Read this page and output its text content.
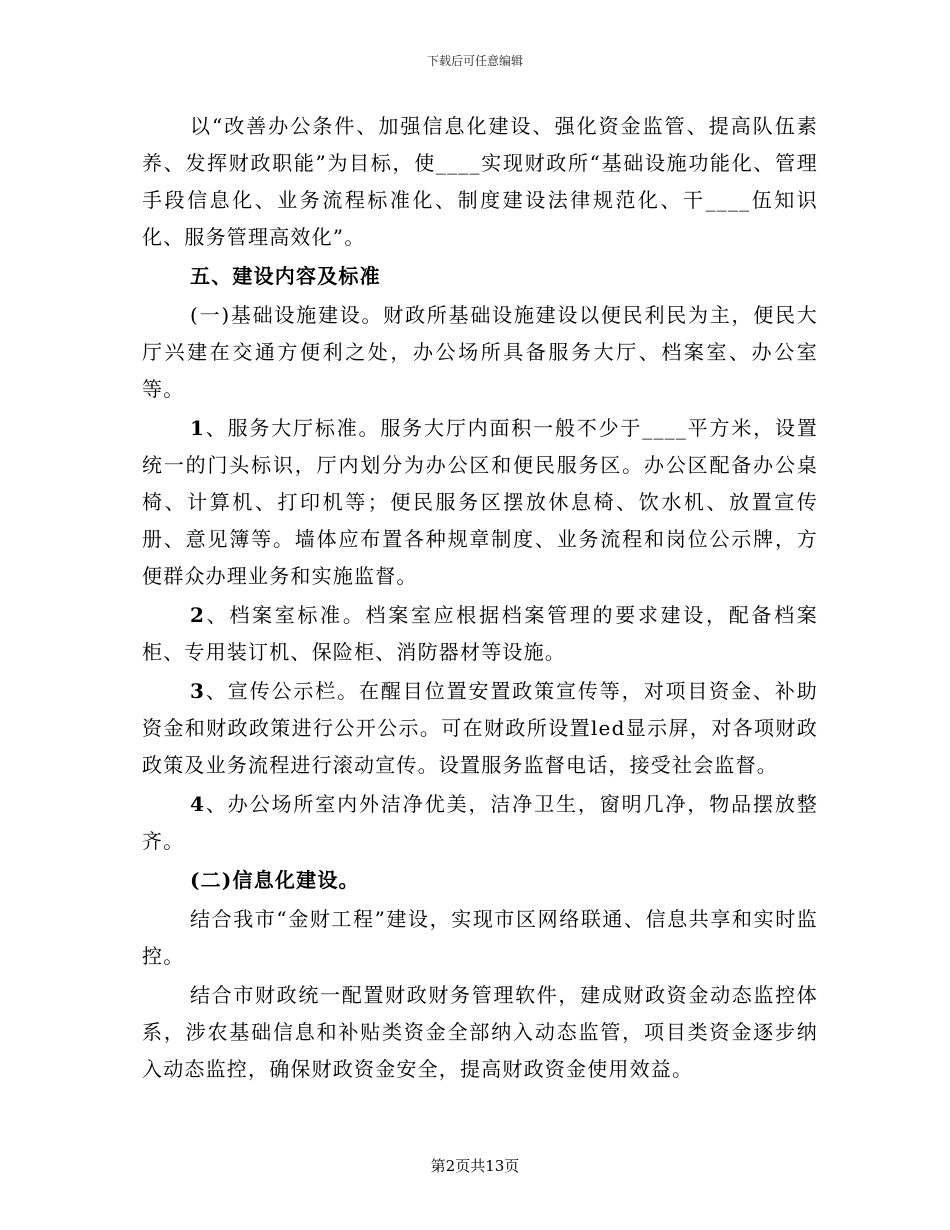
下载后可任意编辑

以“改善办公条件、加强信息化建设、强化资金监管、提高队伍素养、发挥财政职能”为目标，使____实现财政所“基础设施功能化、管理手段信息化、业务流程标准化、制度建设法律规范化、干____伍知识化、服务管理高效化”。

五、建设内容及标准

(一)基础设施建设。财政所基础设施建设以便民利民为主，便民大厅兴建在交通方便利之处，办公场所具备服务大厅、档案室、办公室等。

1、服务大厅标准。服务大厅内面积一般不少于____平方米，设置统一的门头标识，厅内划分为办公区和便民服务区。办公区配备办公桌椅、计算机、打印机等；便民服务区摆放休息椅、饮水机、放置宣传册、意见簿等。墙体应布置各种规章制度、业务流程和岗位公示牌，方便群众办理业务和实施监督。

2、档案室标准。档案室应根据档案管理的要求建设，配备档案柜、专用装订机、保险柜、消防器材等设施。

3、宣传公示栏。在醒目位置安置政策宣传等，对项目资金、补助资金和财政政策进行公开公示。可在财政所设置led显示屏，对各项财政政策及业务流程进行滚动宣传。设置服务监督电话，接受社会监督。

4、办公场所室内外洁净优美，洁净卫生，窗明几净，物品摆放整齐。

(二)信息化建设。

结合我市“金财工程”建设，实现市区网络联通、信息共享和实时监控。

结合市财政统一配置财政财务管理软件，建成财政资金动态监控体系，涉农基础信息和补贴类资金全部纳入动态监管，项目类资金逐步纳入动态监控，确保财政资金安全，提高财政资金使用效益。

第2页共13页
